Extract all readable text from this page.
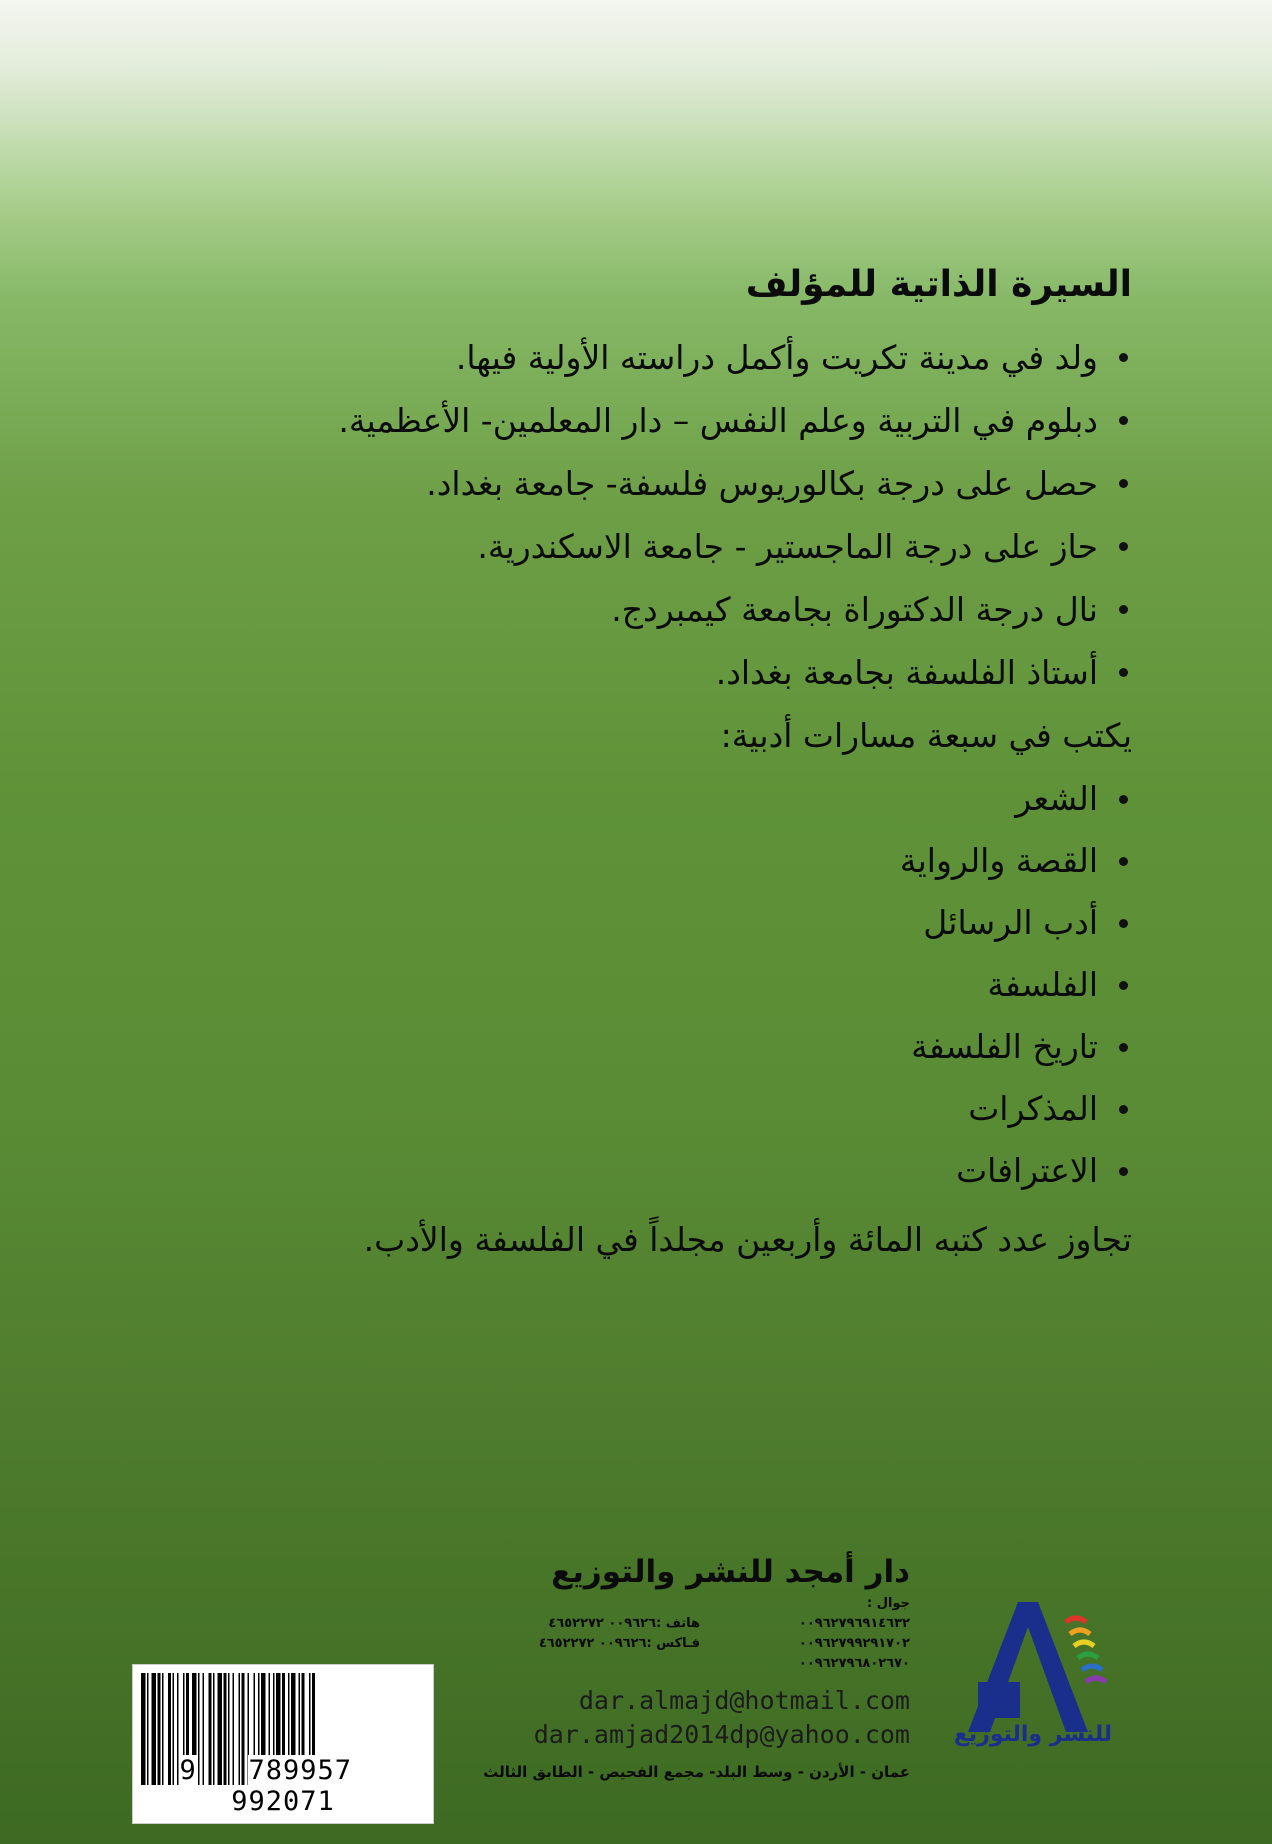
السيرة الذاتية للمؤلف
ولد في مدينة تكريت وأكمل دراسته الأولية فيها.
دبلوم في التربية وعلم النفس – دار المعلمين- الأعظمية.
حصل على درجة بكالوريوس فلسفة- جامعة بغداد.
حاز على درجة الماجستير - جامعة الاسكندرية.
نال درجة الدكتوراة بجامعة كيمبردج.
أستاذ الفلسفة بجامعة بغداد.

يكتب في سبعة مسارات أدبية:

الشعر
القصة والرواية
أدب الرسائل
الفلسفة
تاريخ الفلسفة
المذكرات
الاعترافات

تجاوز عدد كتبه المائة وأربعين مجلداً في الفلسفة والأدب.

دار أمجد للنشر والتوزيع
جوال :
٠٠٩٦٢٧٩٦٩١٤٦٣٢
٠٠٩٦٢٧٩٩٢٩١٧٠٢
٠٠٩٦٢٧٩٦٨٠٢٦٧٠
هاتف :٠٠٩٦٢٦ ٤٦٥٢٢٧٢
فـاكس :٠٠٩٦٢٦ ٤٦٥٢٢٧٢
dar.almajd@hotmail.com
dar.amjad2014dp@yahoo.com
عمان - الأردن - وسط البلد- مجمع الفحيص - الطابق الثالث
9 789957   992071
للنشر والتوزيع
